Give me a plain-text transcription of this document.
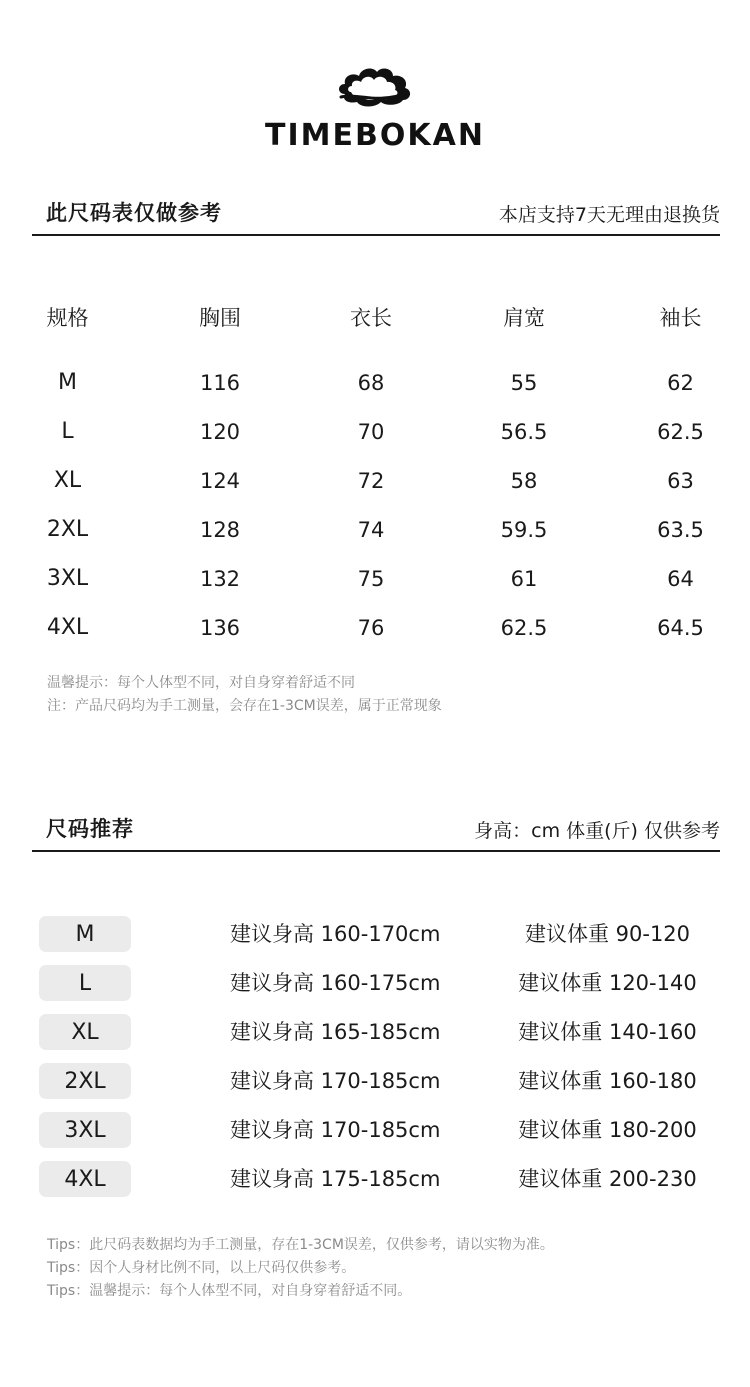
TIMEBOKAN
此尺码表仅做参考	本店支持7天无理由退换货
规格	胸围	衣长	肩宽	袖长

M	116	68	55	62
L	120	70	56.5	62.5
XL	124	72	58	63
2XL	128	74	59.5	63.5
3XL	132	75	61	64
4XL	136	76	62.5	64.5
温馨提示：每个人体型不同，对自身穿着舒适不同
注：产品尺码均为手工测量，会存在1-3CM误差，属于正常现象
尺码推荐	身高：cm 体重(斤) 仅供参考
M	建议身高 160-170cm	建议体重 90-120
L	建议身高 160-175cm	建议体重 120-140
XL	建议身高 165-185cm	建议体重 140-160
2XL	建议身高 170-185cm	建议体重 160-180
3XL	建议身高 170-185cm	建议体重 180-200
4XL	建议身高 175-185cm	建议体重 200-230
Tips：此尺码表数据均为手工测量，存在1-3CM误差，仅供参考，请以实物为准。
Tips：因个人身材比例不同，以上尺码仅供参考。
Tips：温馨提示：每个人体型不同，对自身穿着舒适不同。
